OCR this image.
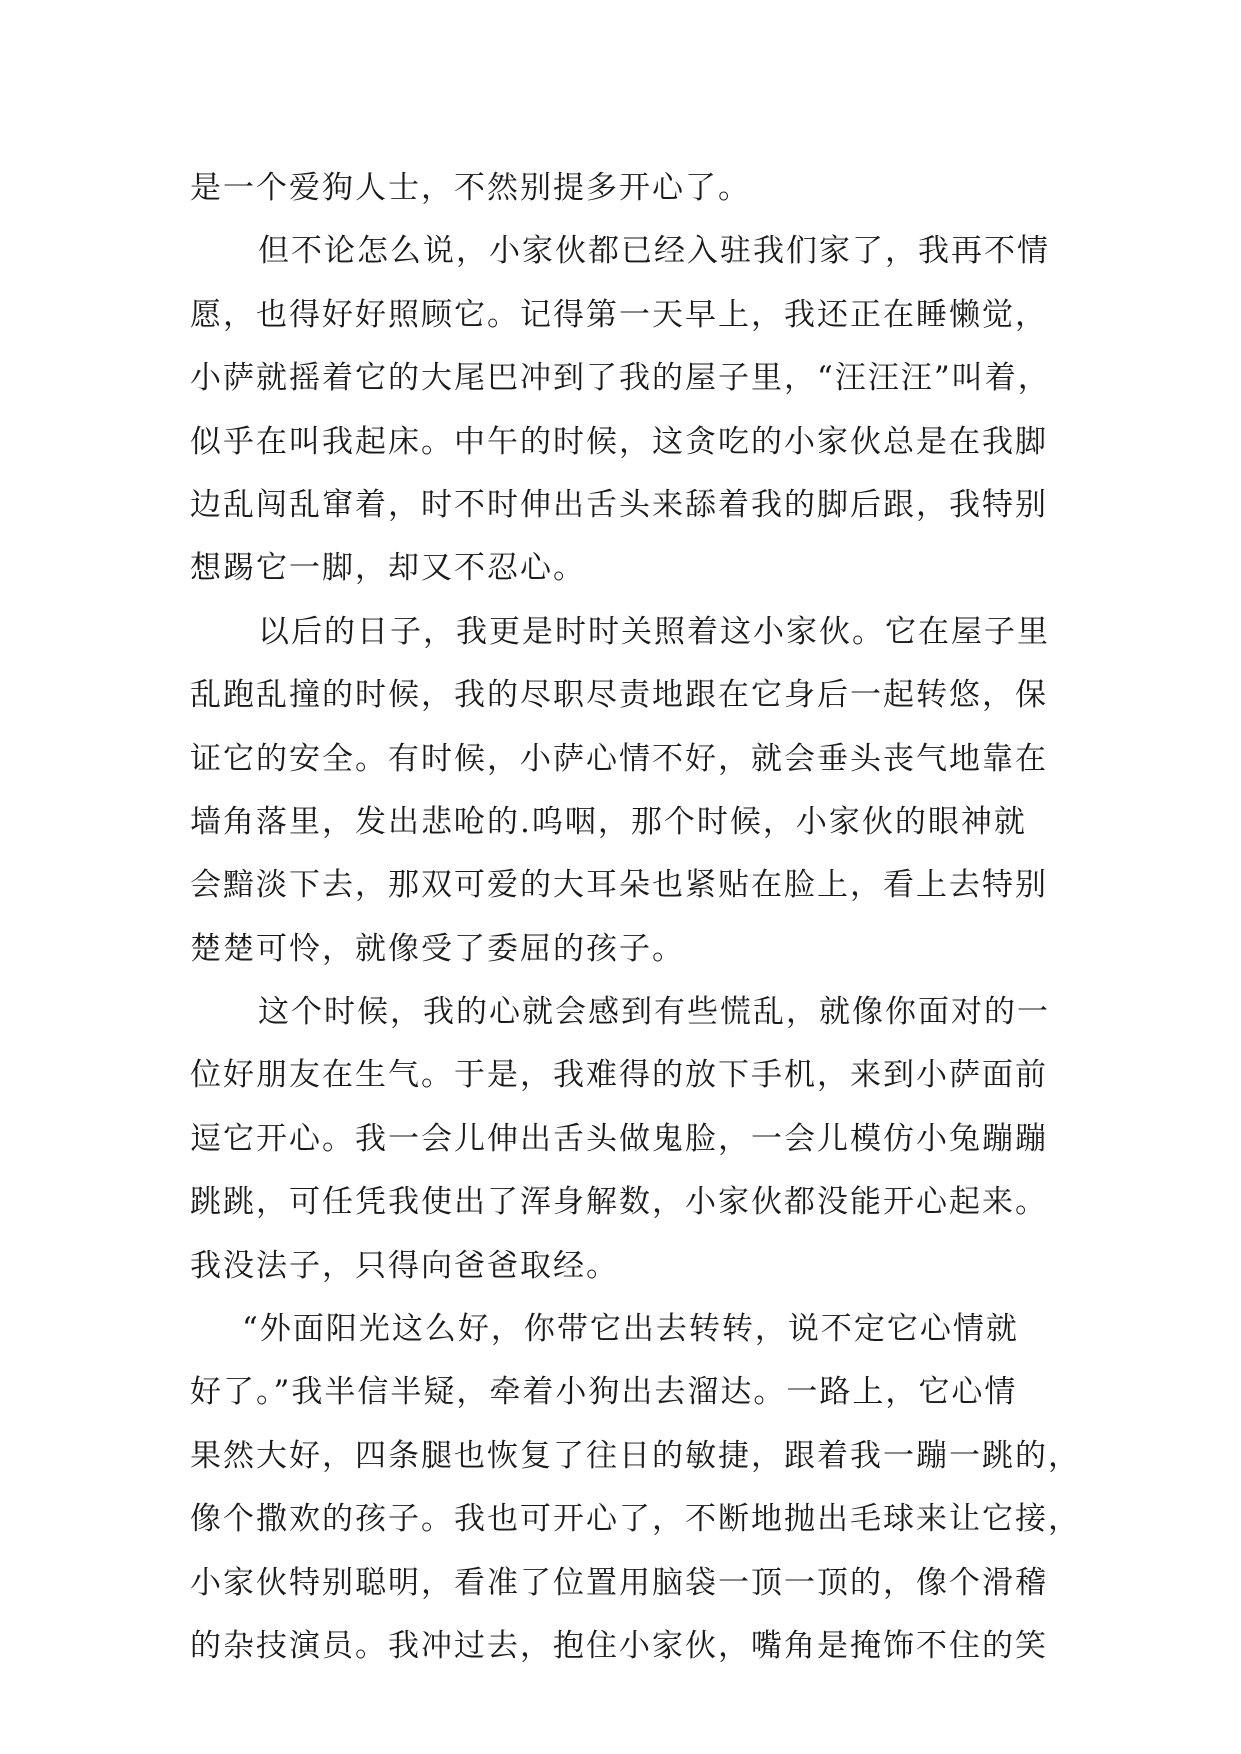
是一个爱狗人士，不然别提多开心了。
但不论怎么说，小家伙都已经入驻我们家了，我再不情
愿，也得好好照顾它。记得第一天早上，我还正在睡懒觉，
小萨就摇着它的大尾巴冲到了我的屋子里，“汪汪汪”叫着，
似乎在叫我起床。中午的时候，这贪吃的小家伙总是在我脚
边乱闯乱窜着，时不时伸出舌头来舔着我的脚后跟，我特别
想踢它一脚，却又不忍心。
以后的日子，我更是时时关照着这小家伙。它在屋子里
乱跑乱撞的时候，我的尽职尽责地跟在它身后一起转悠，保
证它的安全。有时候，小萨心情不好，就会垂头丧气地靠在
墙角落里，发出悲呛的.呜咽，那个时候，小家伙的眼神就
会黯淡下去，那双可爱的大耳朵也紧贴在脸上，看上去特别
楚楚可怜，就像受了委屈的孩子。
这个时候，我的心就会感到有些慌乱，就像你面对的一
位好朋友在生气。于是，我难得的放下手机，来到小萨面前
逗它开心。我一会儿伸出舌头做鬼脸，一会儿模仿小兔蹦蹦
跳跳，可任凭我使出了浑身解数，小家伙都没能开心起来。
我没法子，只得向爸爸取经。
“外面阳光这么好，你带它出去转转，说不定它心情就
好了。”我半信半疑，牵着小狗出去溜达。一路上，它心情
果然大好，四条腿也恢复了往日的敏捷，跟着我一蹦一跳的，
像个撒欢的孩子。我也可开心了，不断地抛出毛球来让它接，
小家伙特别聪明，看准了位置用脑袋一顶一顶的，像个滑稽
的杂技演员。我冲过去，抱住小家伙，嘴角是掩饰不住的笑
